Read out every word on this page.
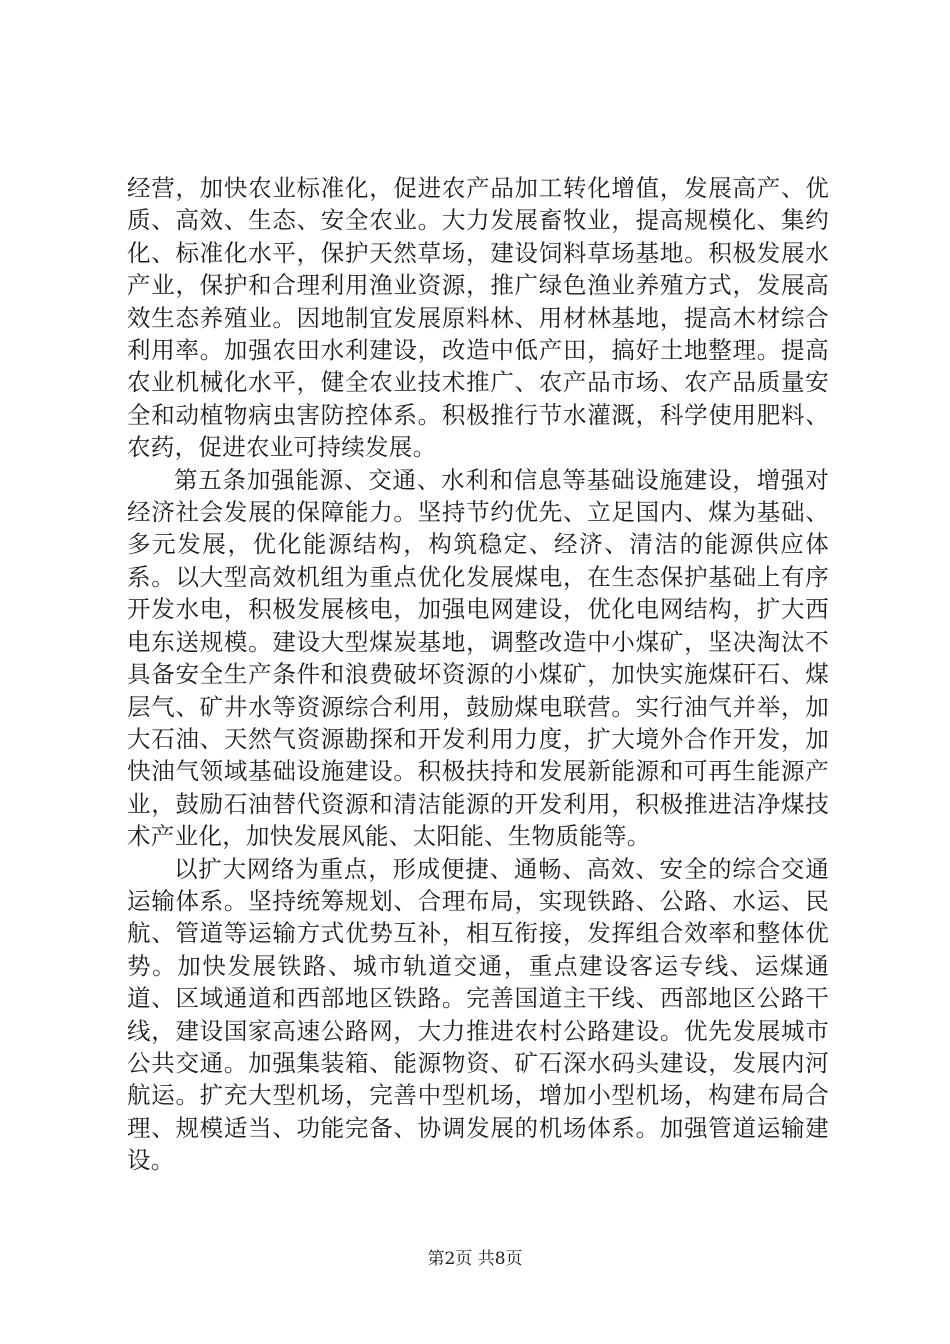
经营，加快农业标准化，促进农产品加工转化增值，发展高产、优质、高效、生态、安全农业。大力发展畜牧业，提高规模化、集约化、标准化水平，保护天然草场，建设饲料草场基地。积极发展水产业，保护和合理利用渔业资源，推广绿色渔业养殖方式，发展高效生态养殖业。因地制宜发展原料林、用材林基地，提高木材综合利用率。加强农田水利建设，改造中低产田，搞好土地整理。提高农业机械化水平，健全农业技术推广、农产品市场、农产品质量安全和动植物病虫害防控体系。积极推行节水灌溉，科学使用肥料、农药，促进农业可持续发展。

第五条加强能源、交通、水利和信息等基础设施建设，增强对经济社会发展的保障能力。坚持节约优先、立足国内、煤为基础、多元发展，优化能源结构，构筑稳定、经济、清洁的能源供应体系。以大型高效机组为重点优化发展煤电，在生态保护基础上有序开发水电，积极发展核电，加强电网建设，优化电网结构，扩大西电东送规模。建设大型煤炭基地，调整改造中小煤矿，坚决淘汰不具备安全生产条件和浪费破坏资源的小煤矿，加快实施煤矸石、煤层气、矿井水等资源综合利用，鼓励煤电联营。实行油气并举，加大石油、天然气资源勘探和开发利用力度，扩大境外合作开发，加快油气领域基础设施建设。积极扶持和发展新能源和可再生能源产业，鼓励石油替代资源和清洁能源的开发利用，积极推进洁净煤技术产业化，加快发展风能、太阳能、生物质能等。

以扩大网络为重点，形成便捷、通畅、高效、安全的综合交通运输体系。坚持统筹规划、合理布局，实现铁路、公路、水运、民航、管道等运输方式优势互补，相互衔接，发挥组合效率和整体优势。加快发展铁路、城市轨道交通，重点建设客运专线、运煤通道、区域通道和西部地区铁路。完善国道主干线、西部地区公路干线，建设国家高速公路网，大力推进农村公路建设。优先发展城市公共交通。加强集装箱、能源物资、矿石深水码头建设，发展内河航运。扩充大型机场，完善中型机场，增加小型机场，构建布局合理、规模适当、功能完备、协调发展的机场体系。加强管道运输建设。

第2页 共8页
